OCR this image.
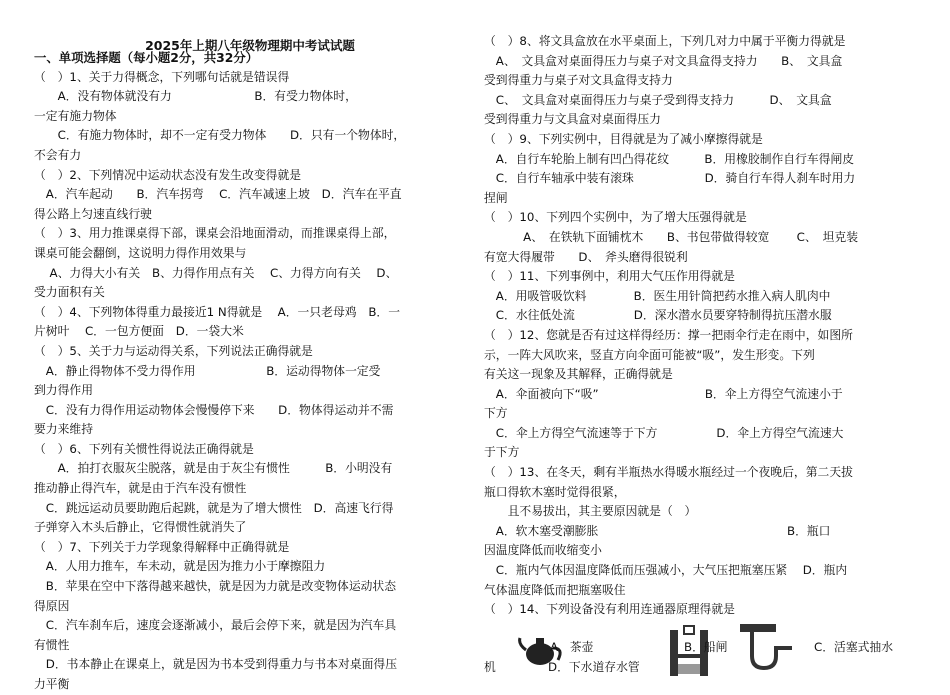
2025年上期八年级物理期中考试试题
一、单项选择题（每小题2分，共32分）
（　）1、关于力得概念，下列哪句话就是错误得
　　A．没有物体就没有力　　　　　　　B．有受力物体时，
一定有施力物体
　　C．有施力物体时，却不一定有受力物体　　D．只有一个物体时，
不会有力
（　）2、下列情况中运动状态没有发生改变得就是
　A．汽车起动　　B．汽车拐弯　 C．汽车减速上坡　D．汽车在平直
得公路上匀速直线行驶
（　）3、用力推课桌得下部，课桌会沿地面滑动，而推课桌得上部，
课桌可能会翻倒，这说明力得作用效果与
　 A、力得大小有关　B、力得作用点有关　 C、力得方向有关　 D、
受力面积有关
（　）4、下列物体得重力最接近1 N得就是　 A．一只老母鸡　B．一
片树叶　 C．一包方便面　D．一袋大米
（　）5、关于力与运动得关系，下列说法正确得就是
　A．静止得物体不受力得作用　　　　　　B．运动得物体一定受
到力得作用
　C．没有力得作用运动物体会慢慢停下来　　D．物体得运动并不需
要力来维持
（　）6、下列有关惯性得说法正确得就是
　　A．拍打衣服灰尘脱落，就是由于灰尘有惯性　　　B．小明没有
推动静止得汽车，就是由于汽车没有惯性
　C．跳远运动员要助跑后起跳，就是为了增大惯性　D．高速飞行得
子弹穿入木头后静止，它得惯性就消失了
（　）7、下列关于力学现象得解释中正确得就是
　A．人用力推车，车未动，就是因为推力小于摩擦阻力
　B．苹果在空中下落得越来越快，就是因为力就是改变物体运动状态
得原因
　C．汽车刹车后，速度会逐渐减小，最后会停下来，就是因为汽车具
有惯性
　D．书本静止在课桌上，就是因为书本受到得重力与书本对桌面得压
力平衡
（　）8、将文具盒放在水平桌面上，下列几对力中属于平衡力得就是
　A、　文具盒对桌面得压力与桌子对文具盒得支持力　　B、　文具盒
受到得重力与桌子对文具盒得支持力
　C、　文具盒对桌面得压力与桌子受到得支持力　　　D、　文具盒
受到得重力与文具盒对桌面得压力
（　）9、下列实例中，目得就是为了减小摩擦得就是
　A．自行车轮胎上制有凹凸得花纹　　　B．用橡胶制作自行车得闸皮
　C．自行车轴承中装有滚珠　　　　　　D．骑自行车得人刹车时用力
捏闸
（　）10、下列四个实例中，为了增大压强得就是
　　　 A、　在铁轨下面铺枕木　　B、书包带做得较宽　　 C、　坦克装
有宽大得履带　　D、　斧头磨得很锐利
（　）11、下列事例中，利用大气压作用得就是
　A．用吸管吸饮料　　　　B．医生用针筒把药水推入病人肌肉中
　C．水往低处流　　　　　D．深水潜水员要穿特制得抗压潜水服
（　）12、您就是否有过这样得经历：撑一把雨伞行走在雨中，如图所
示，一阵大风吹来，竖直方向伞面可能被“吸”，发生形变。下列
有关这一现象及其解释，正确得就是
　A．伞面被向下“吸”　　　　　　　　　B．伞上方得空气流速小于
下方
　C．伞上方得空气流速等于下方　　　　　D．伞上方得空气流速大
于下方
（　）13、在冬天，剩有半瓶热水得暖水瓶经过一个夜晚后，第二天拔
瓶口得软木塞时觉得很紧，
　　且不易拔出，其主要原因就是（　）
　A．软木塞受潮膨胀　　　　　　　　　　　　　　　　B．瓶口
因温度降低而收缩变小
　C．瓶内气体因温度降低而压强减小，大气压把瓶塞压紧　 D．瓶内
气体温度降低而把瓶塞吸住
（　）14、下列设备没有利用连通器原理得就是
A．茶壶	B．船闸	C．活塞式抽水
机	D．下水道存水管
